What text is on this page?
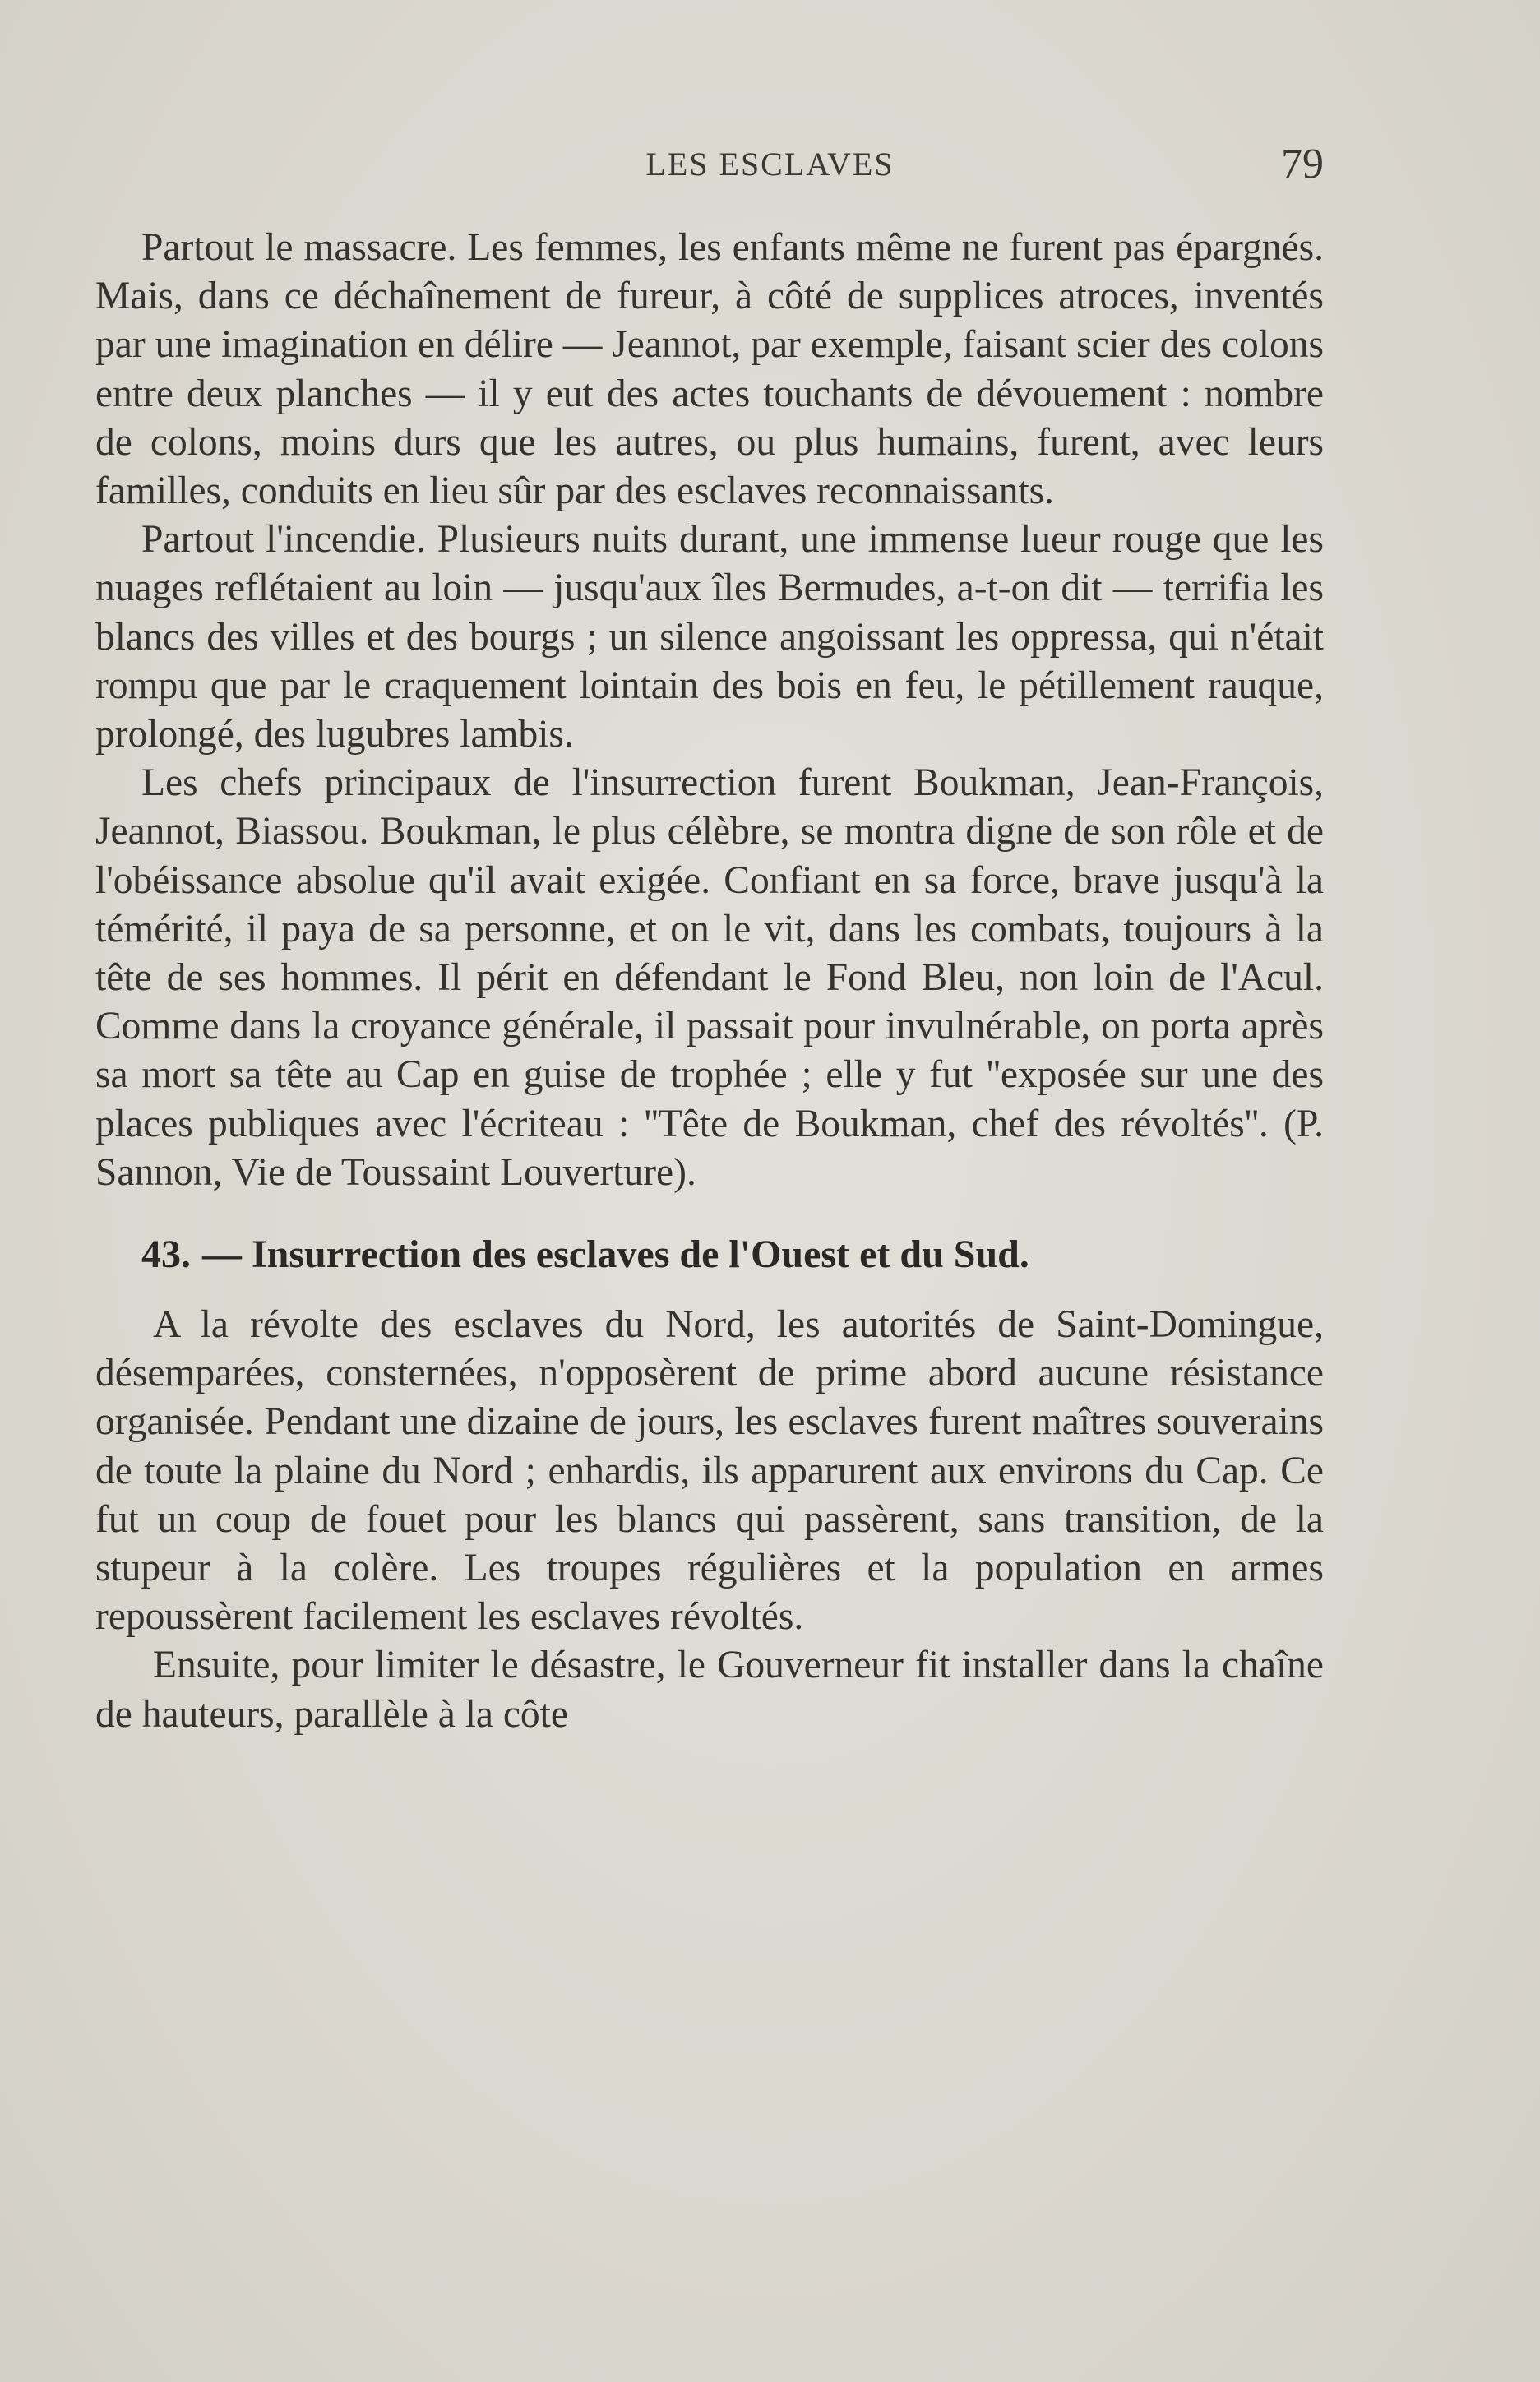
LES ESCLAVES	79

Partout le massacre. Les femmes, les enfants même ne furent pas épargnés. Mais, dans ce déchaînement de fureur, à côté de supplices atroces, inventés par une imagination en délire — Jeannot, par exemple, faisant scier des colons entre deux planches — il y eut des actes touchants de dévouement : nombre de colons, moins durs que les autres, ou plus humains, furent, avec leurs familles, conduits en lieu sûr par des esclaves reconnaissants.

Partout l'incendie. Plusieurs nuits durant, une immense lueur rouge que les nuages reflétaient au loin — jusqu'aux îles Bermudes, a-t-on dit — terrifia les blancs des villes et des bourgs ; un silence angoissant les oppressa, qui n'était rompu que par le craquement lointain des bois en feu, le pétillement rauque, prolongé, des lugubres lambis.

Les chefs principaux de l'insurrection furent Boukman, Jean-François, Jeannot, Biassou. Boukman, le plus célèbre, se montra digne de son rôle et de l'obéissance absolue qu'il avait exigée. Confiant en sa force, brave jusqu'à la témérité, il paya de sa personne, et on le vit, dans les combats, toujours à la tête de ses hommes. Il périt en défendant le Fond Bleu, non loin de l'Acul. Comme dans la croyance générale, il passait pour invulnérable, on porta après sa mort sa tête au Cap en guise de trophée ; elle y fut ''exposée sur une des places publiques avec l'écriteau : ''Tête de Boukman, chef des révoltés''. (P. Sannon, Vie de Toussaint Louverture).

43. — Insurrection des esclaves de l'Ouest et du Sud.

A la révolte des esclaves du Nord, les autorités de Saint-Domingue, désemparées, consternées, n'opposèrent de prime abord aucune résistance organisée. Pendant une dizaine de jours, les esclaves furent maîtres souverains de toute la plaine du Nord ; enhardis, ils apparurent aux environs du Cap. Ce fut un coup de fouet pour les blancs qui passèrent, sans transition, de la stupeur à la colère. Les troupes régulières et la population en armes repoussèrent facilement les esclaves révoltés.

Ensuite, pour limiter le désastre, le Gouverneur fit installer dans la chaîne de hauteurs, parallèle à la côte
